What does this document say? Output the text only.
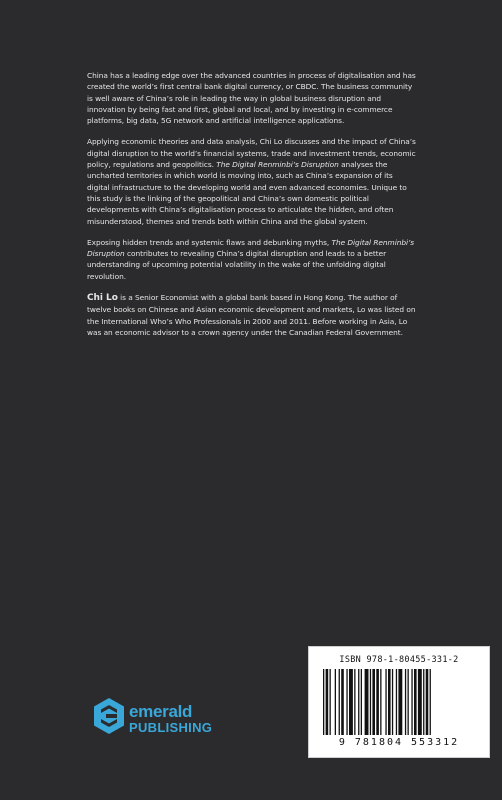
China has a leading edge over the advanced countries in process of digitalisation and has created the world’s first central bank digital currency, or CBDC. The business community is well aware of China’s role in leading the way in global business disruption and innovation by being fast and first, global and local, and by investing in e-commerce platforms, big data, 5G network and artificial intelligence applications.

Applying economic theories and data analysis, Chi Lo discusses and the impact of China’s digital disruption to the world’s financial systems, trade and investment trends, economic policy, regulations and geopolitics. The Digital Renminbi’s Disruption analyses the uncharted territories in which world is moving into, such as China’s expansion of its digital infrastructure to the developing world and even advanced economies. Unique to this study is the linking of the geopolitical and China’s own domestic political developments with China’s digitalisation process to articulate the hidden, and often misunderstood, themes and trends both within China and the global system.

Exposing hidden trends and systemic flaws and debunking myths, The Digital Renminbi’s Disruption contributes to revealing China’s digital disruption and leads to a better understanding of upcoming potential volatility in the wake of the unfolding digital revolution.

Chi Lo is a Senior Economist with a global bank based in Hong Kong. The author of twelve books on Chinese and Asian economic development and markets, Lo was listed on the International Who’s Who Professionals in 2000 and 2011. Before working in Asia, Lo was an economic advisor to a crown agency under the Canadian Federal Government.

emerald
PUBLISHING
ISBN 978-1-80455-331-2
9 781804 553312
